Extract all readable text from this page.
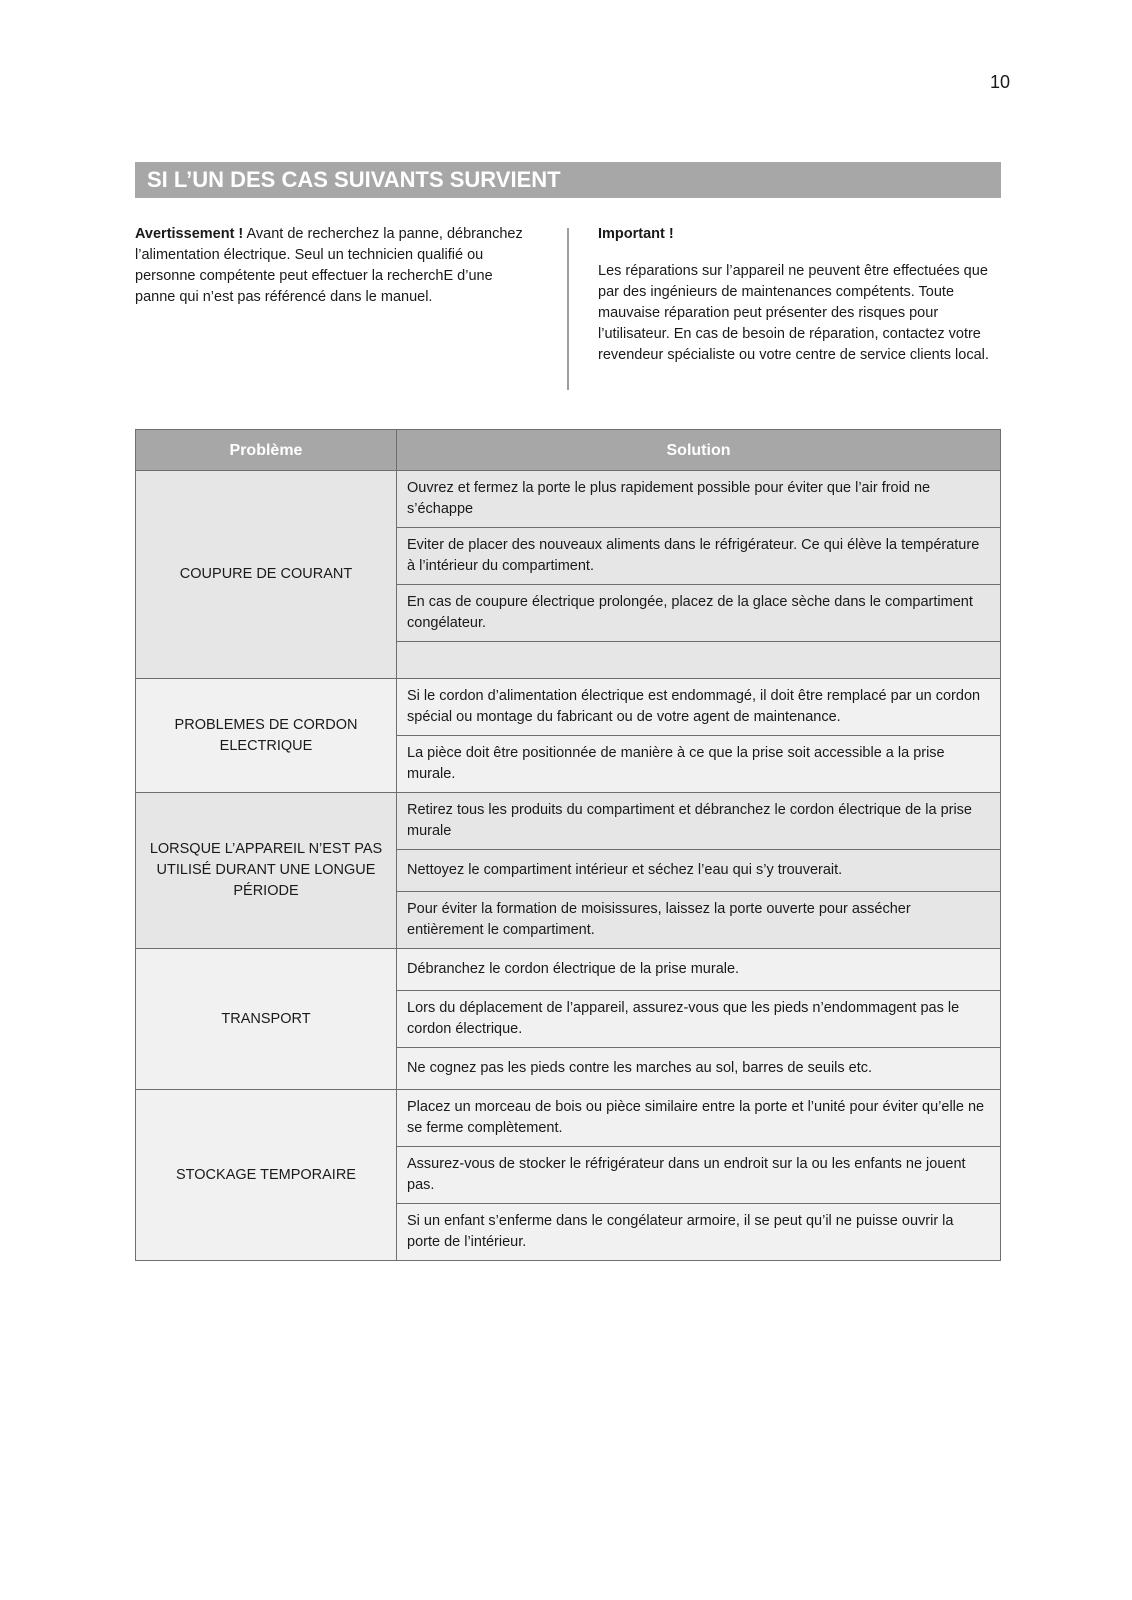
10
SI L’UN DES CAS SUIVANTS SURVIENT
Avertissement ! Avant de recherchez la panne, débranchez l’alimentation électrique. Seul un technicien qualifié ou personne compétente peut effectuer la recherchE d’une panne qui n’est pas référencé dans le manuel.
Important !
Les réparations sur l’appareil ne peuvent être effectuées que par des ingénieurs de maintenances compétents. Toute mauvaise réparation peut présenter des risques pour l’utilisateur. En cas de besoin de réparation, contactez votre revendeur spécialiste ou votre centre de service clients local.
Problème	Solution
COUPURE DE COURANT	Ouvrez et fermez la porte le plus rapidement possible pour éviter que l’air froid ne s’échappe
	Eviter de placer des nouveaux aliments dans le réfrigérateur. Ce qui élève la température à l’intérieur du compartiment.
	En cas de coupure électrique prolongée, placez de la glace sèche dans le compartiment congélateur.

PROBLEMES DE CORDON ELECTRIQUE	Si le cordon d’alimentation électrique est endommagé, il doit être remplacé par un cordon spécial ou montage du fabricant ou de votre agent de maintenance.
	La pièce doit être positionnée de manière à ce que la prise soit accessible a la prise murale.
LORSQUE L’APPAREIL N’EST PAS UTILISÉ DURANT UNE LONGUE PÉRIODE	Retirez tous les produits du compartiment et débranchez le cordon électrique de la prise murale
	Nettoyez le compartiment intérieur et séchez l’eau qui s’y trouverait.
	Pour éviter la formation de moisissures, laissez la porte ouverte pour assécher entièrement le compartiment.
TRANSPORT	Débranchez le cordon électrique de la prise murale.
	Lors du déplacement de l’appareil, assurez-vous que les pieds n’endommagent pas le cordon électrique.
	Ne cognez pas les pieds contre les marches au sol, barres de seuils etc.
STOCKAGE TEMPORAIRE	Placez un morceau de bois ou pièce similaire entre la porte et l’unité pour éviter qu’elle ne se ferme complètement.
	Assurez-vous de stocker le réfrigérateur dans un endroit sur la ou les enfants ne jouent pas.
	Si un enfant s’enferme dans le congélateur armoire, il se peut qu’il ne puisse ouvrir la porte de l’intérieur.
